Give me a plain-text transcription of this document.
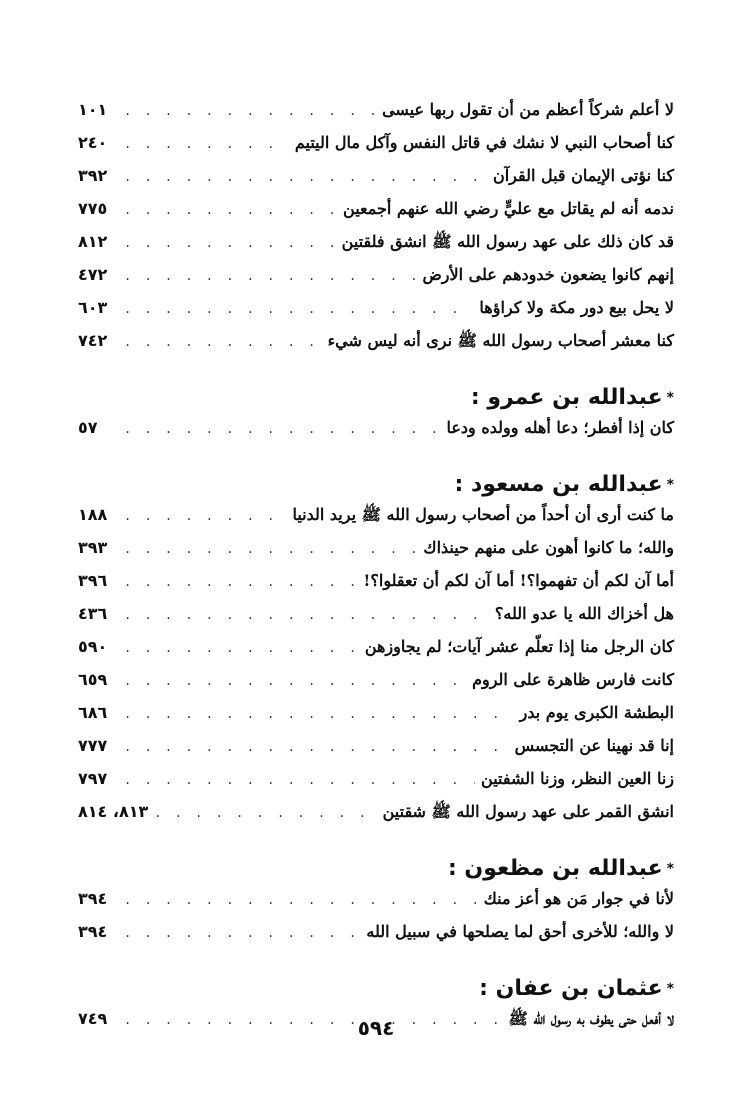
لا أعلم شركاً أعظم من أن تقول ربها عيسى
. . .
١٠١
كنا أصحاب النبي لا نشك في قاتل النفس وآكل مال اليتيم
. . .
٢٤٠
كنا نؤتى الإيمان قبل القرآن
. . .
٣٩٢
ندمه أنه لم يقاتل مع عليٍّ رضي الله عنهم أجمعين
. . .
٧٧٥
قد كان ذلك على عهد رسول الله ﷺ انشق فلقتين
. . .
٨١٢
إنهم كانوا يضعون خدودهم على الأرض
. . .
٤٧٢
لا يحل بيع دور مكة ولا كراؤها
. . .
٦٠٣
كنا معشر أصحاب رسول الله ﷺ نرى أنه ليس شيء
. . .
٧٤٢
*عبدالله بن عمرو :
كان إذا أفطر؛ دعا أهله وولده ودعا
. . .
٥٧
*عبدالله بن مسعود :
ما كنت أرى أن أحداً من أصحاب رسول الله ﷺ يريد الدنيا
. . .
١٨٨
والله؛ ما كانوا أهون على منهم حينذاك
. . .
٣٩٣
أما آن لكم أن تفهموا؟! أما آن لكم أن تعقلوا؟!
. . .
٣٩٦
هل أخزاك الله يا عدو الله؟
. . .
٤٣٦
كان الرجل منا إذا تعلّم عشر آيات؛ لم يجاوزهن
. . .
٥٩٠
كانت فارس ظاهرة على الروم
. . .
٦٥٩
البطشة الكبرى يوم بدر
. . .
٦٨٦
إنا قد نهينا عن التجسس
. . .
٧٧٧
زنا العين النظر، وزنا الشفتين
. . .
٧٩٧
انشق القمر على عهد رسول الله ﷺ شقتين
. . .
٨١٣، ٨١٤
*عبدالله بن مظعون :
لأنا في جوار مَن هو أعز منك
. . .
٣٩٤
لا والله؛ للأخرى أحق لما يصلحها في سبيل الله
. . .
٣٩٤
*عثمان بن عفان :
لا أفعل حتى يطوف به رسول الله ﷺ
. . .
٧٤٩	٥٩٤
